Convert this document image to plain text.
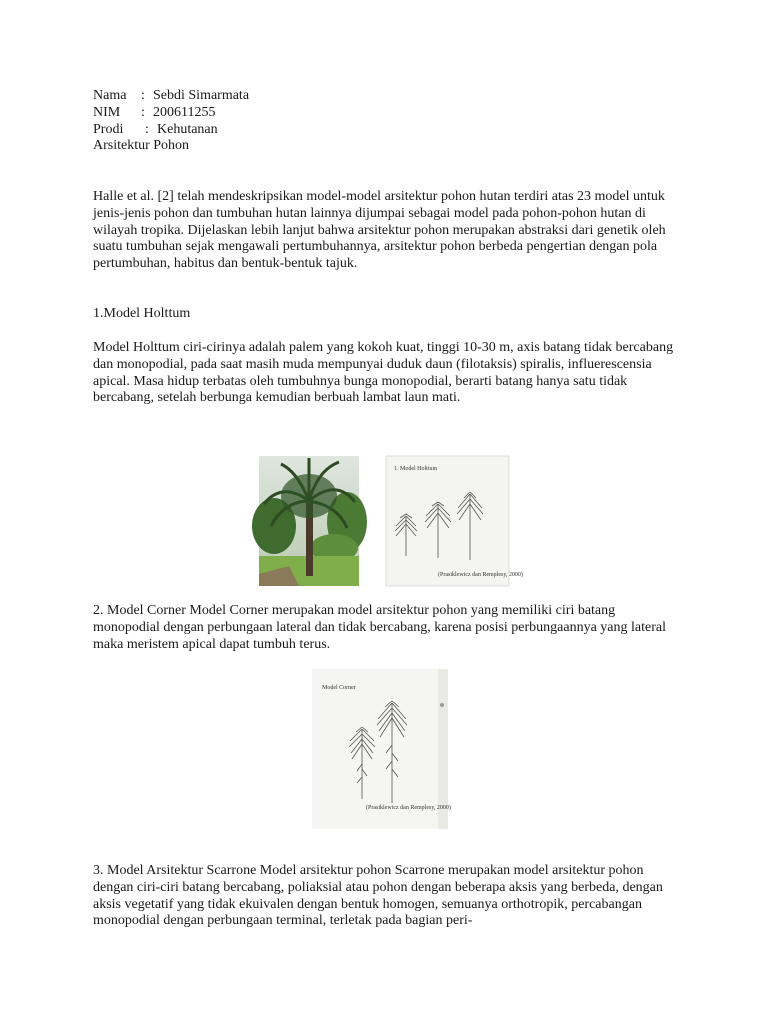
Nama : Sebdi Simarmata
NIM : 200611255
Prodi : Kehutanan
Arsitektur Pohon

Halle et al. [2] telah mendeskripsikan model-model arsitektur pohon hutan terdiri atas 23 model untuk jenis-jenis pohon dan tumbuhan hutan lainnya dijumpai sebagai model pada pohon-pohon hutan di wilayah tropika. Dijelaskan lebih lanjut bahwa arsitektur pohon merupakan abstraksi dari genetik oleh suatu tumbuhan sejak mengawali pertumbuhannya, arsitektur pohon berbeda pengertian dengan pola pertumbuhan, habitus dan bentuk-bentuk tajuk.

1.Model Holttum

Model Holttum ciri-cirinya adalah palem yang kokoh kuat, tinggi 10-30 m, axis batang tidak bercabang dan monopodial, pada saat masih muda mempunyai duduk daun (filotaksis) spiralis, influerescensia apical. Masa hidup terbatas oleh tumbuhnya bunga monopodial, berarti batang hanya satu tidak bercabang, setelah berbunga kemudian berbuah lambat laun mati.

1. Model Holttum
(Prasiklewicz dan Remplesy, 2000)

2. Model Corner Model Corner merupakan model arsitektur pohon yang memiliki ciri batang monopodial dengan perbungaan lateral dan tidak bercabang, karena posisi perbungaannya yang lateral maka meristem apical dapat tumbuh terus.

Model Corner
(Prasiklewicz dan Remplesy, 2000)

3. Model Arsitektur Scarrone Model arsitektur pohon Scarrone merupakan model arsitektur pohon dengan ciri-ciri batang bercabang, poliaksial atau pohon dengan beberapa aksis yang berbeda, dengan aksis vegetatif yang tidak ekuivalen dengan bentuk homogen, semuanya orthotropik, percabangan monopodial dengan perbungaan terminal, terletak pada bagian peri-
